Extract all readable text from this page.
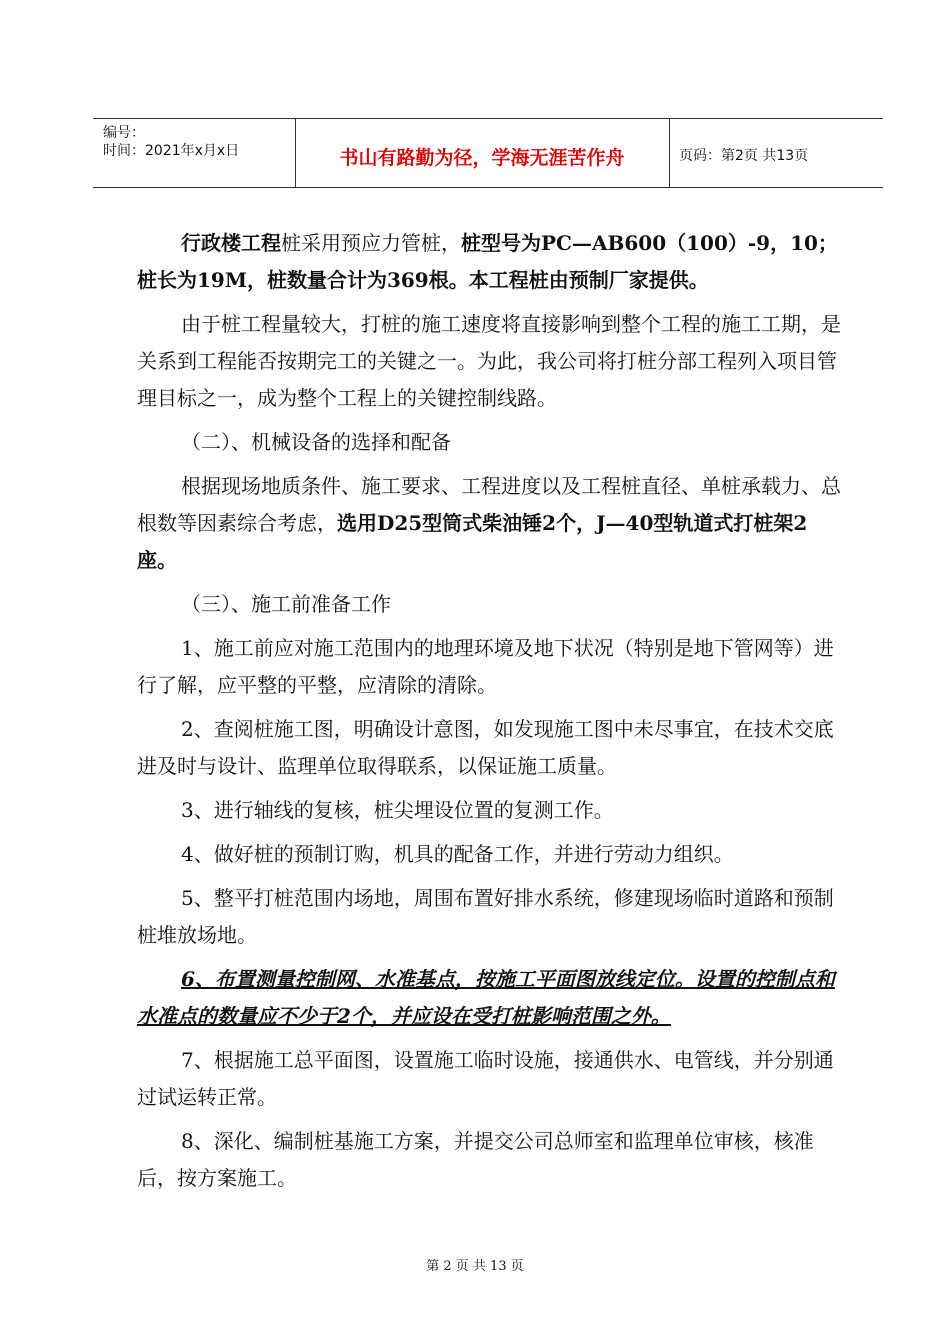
编号：
时间：2021年x月x日	书山有路勤为径，学海无涯苦作舟	页码：第2页 共13页

行政楼工程桩采用预应力管桩，桩型号为PC—AB600（100）-9，10；桩长为19M，桩数量合计为369根。本工程桩由预制厂家提供。

由于桩工程量较大，打桩的施工速度将直接影响到整个工程的施工工期，是关系到工程能否按期完工的关键之一。为此，我公司将打桩分部工程列入项目管理目标之一，成为整个工程上的关键控制线路。

（二）、机械设备的选择和配备

根据现场地质条件、施工要求、工程进度以及工程桩直径、单桩承载力、总根数等因素综合考虑，选用D25型筒式柴油锤2个，J—40型轨道式打桩架2座。

（三）、施工前准备工作

1、施工前应对施工范围内的地理环境及地下状况（特别是地下管网等）进行了解，应平整的平整，应清除的清除。

2、查阅桩施工图，明确设计意图，如发现施工图中未尽事宜，在技术交底进及时与设计、监理单位取得联系，以保证施工质量。

3、进行轴线的复核，桩尖埋设位置的复测工作。

4、做好桩的预制订购，机具的配备工作，并进行劳动力组织。

5、整平打桩范围内场地，周围布置好排水系统，修建现场临时道路和预制桩堆放场地。

6、布置测量控制网、水准基点，按施工平面图放线定位。设置的控制点和水准点的数量应不少于2个，并应设在受打桩影响范围之外。

7、根据施工总平面图，设置施工临时设施，接通供水、电管线，并分别通过试运转正常。

8、深化、编制桩基施工方案，并提交公司总师室和监理单位审核，核准后，按方案施工。

第 2 页 共 13 页
